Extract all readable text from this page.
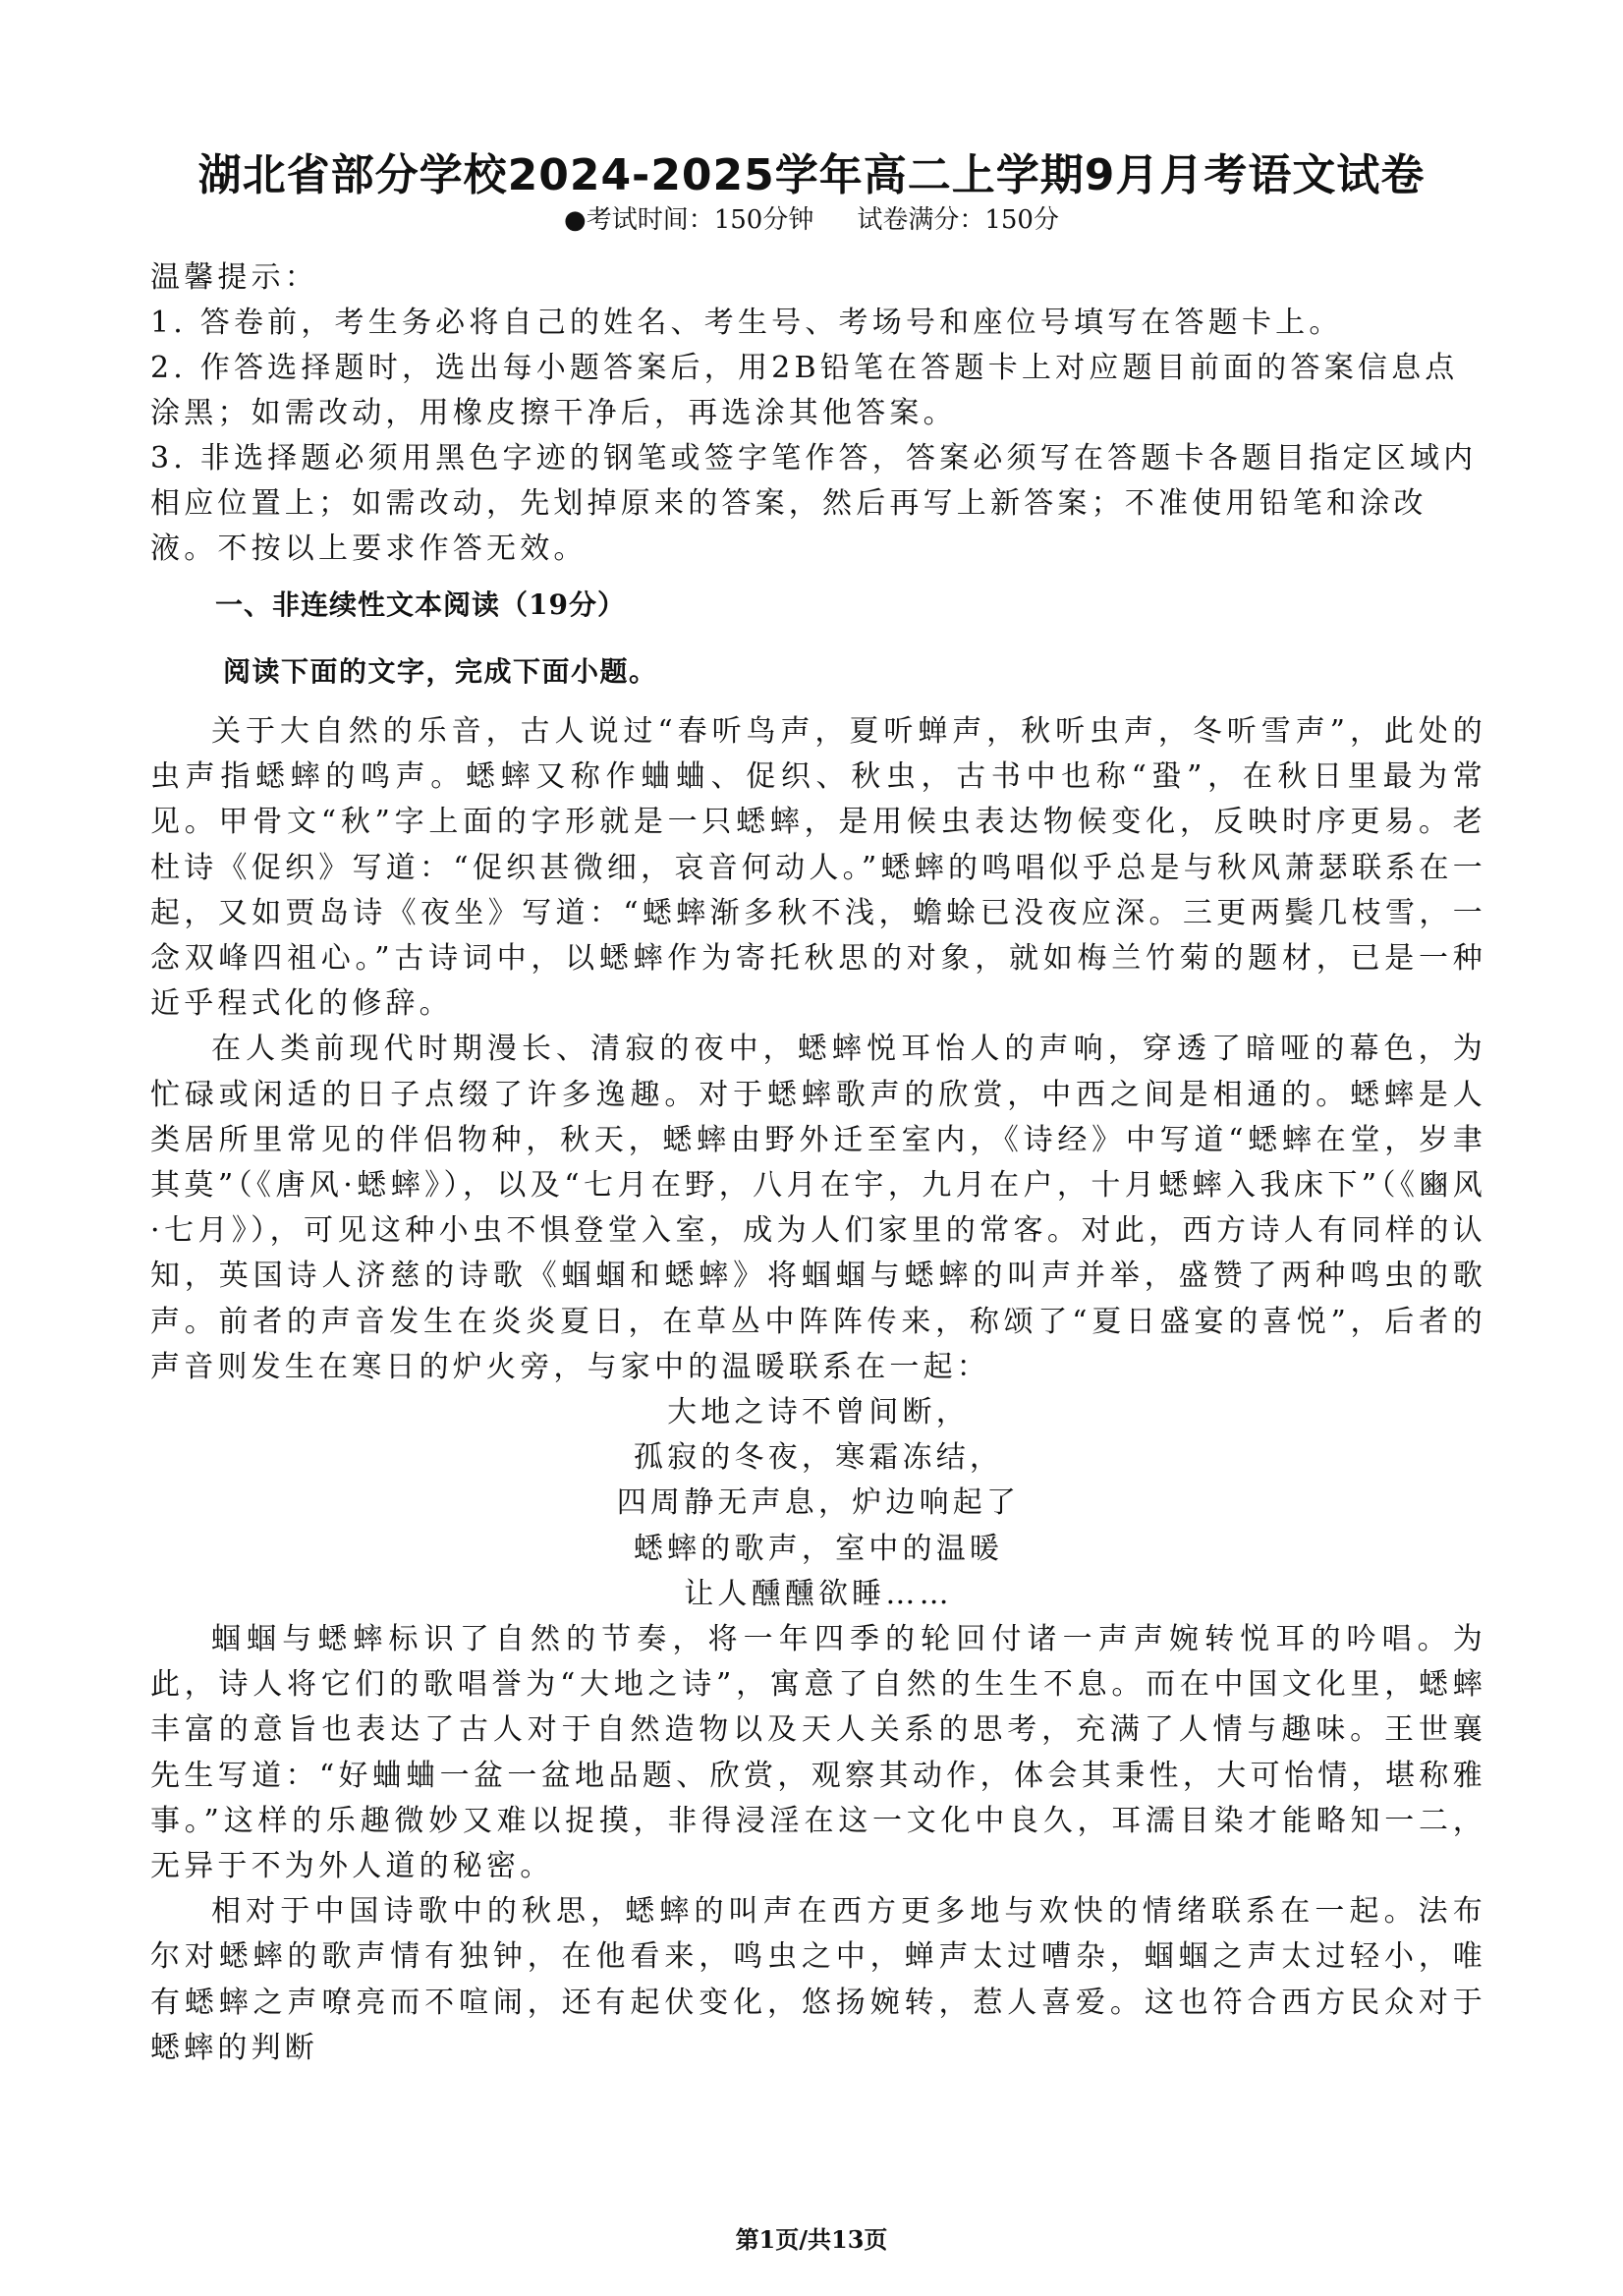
湖北省部分学校2024-2025学年高二上学期9月月考语文试卷
●考试时间：150分钟 试卷满分：150分

温馨提示：

1. 答卷前，考生务必将自己的姓名、考生号、考场号和座位号填写在答题卡上。

2. 作答选择题时，选出每小题答案后，用2B铅笔在答题卡上对应题目前面的答案信息点涂黑；如需改动，用橡皮擦干净后，再选涂其他答案。

3. 非选择题必须用黑色字迹的钢笔或签字笔作答，答案必须写在答题卡各题目指定区域内相应位置上；如需改动，先划掉原来的答案，然后再写上新答案；不准使用铅笔和涂改液。不按以上要求作答无效。

一、非连续性文本阅读（19分）
阅读下面的文字，完成下面小题。

关于大自然的乐音，古人说过“春听鸟声，夏听蝉声，秋听虫声，冬听雪声”，此处的虫声指蟋蟀的鸣声。蟋蟀又称作蛐蛐、促织、秋虫，古书中也称“蛩”，在秋日里最为常见。甲骨文“秋”字上面的字形就是一只蟋蟀，是用候虫表达物候变化，反映时序更易。老杜诗《促织》写道：“促织甚微细，哀音何动人。”蟋蟀的鸣唱似乎总是与秋风萧瑟联系在一起，又如贾岛诗《夜坐》写道：“蟋蟀渐多秋不浅，蟾蜍已没夜应深。三更两鬓几枝雪，一念双峰四祖心。”古诗词中，以蟋蟀作为寄托秋思的对象，就如梅兰竹菊的题材，已是一种近乎程式化的修辞。

在人类前现代时期漫长、清寂的夜中，蟋蟀悦耳怡人的声响，穿透了暗哑的幕色，为忙碌或闲适的日子点缀了许多逸趣。对于蟋蟀歌声的欣赏，中西之间是相通的。蟋蟀是人类居所里常见的伴侣物种，秋天，蟋蟀由野外迁至室内，《诗经》中写道“蟋蟀在堂，岁聿其莫”（《唐风·蟋蟀》），以及“七月在野，八月在宇，九月在户，十月蟋蟀入我床下”（《豳风·七月》），可见这种小虫不惧登堂入室，成为人们家里的常客。对此，西方诗人有同样的认知，英国诗人济慈的诗歌《蝈蝈和蟋蟀》将蝈蝈与蟋蟀的叫声并举，盛赞了两种鸣虫的歌声。前者的声音发生在炎炎夏日，在草丛中阵阵传来，称颂了“夏日盛宴的喜悦”，后者的声音则发生在寒日的炉火旁，与家中的温暖联系在一起：

大地之诗不曾间断，
孤寂的冬夜，寒霜冻结，
四周静无声息，炉边响起了
蟋蟀的歌声，室中的温暖
让人醺醺欲睡……

蝈蝈与蟋蟀标识了自然的节奏，将一年四季的轮回付诸一声声婉转悦耳的吟唱。为此，诗人将它们的歌唱誉为“大地之诗”，寓意了自然的生生不息。而在中国文化里，蟋蟀丰富的意旨也表达了古人对于自然造物以及天人关系的思考，充满了人情与趣味。王世襄先生写道：“好蛐蛐一盆一盆地品题、欣赏，观察其动作，体会其秉性，大可怡情，堪称雅事。”这样的乐趣微妙又难以捉摸，非得浸淫在这一文化中良久，耳濡目染才能略知一二，无异于不为外人道的秘密。

相对于中国诗歌中的秋思，蟋蟀的叫声在西方更多地与欢快的情绪联系在一起。法布尔对蟋蟀的歌声情有独钟，在他看来，鸣虫之中，蝉声太过嘈杂，蝈蝈之声太过轻小，唯有蟋蟀之声嘹亮而不喧闹，还有起伏变化，悠扬婉转，惹人喜爱。这也符合西方民众对于蟋蟀的判断

第1页/共13页
